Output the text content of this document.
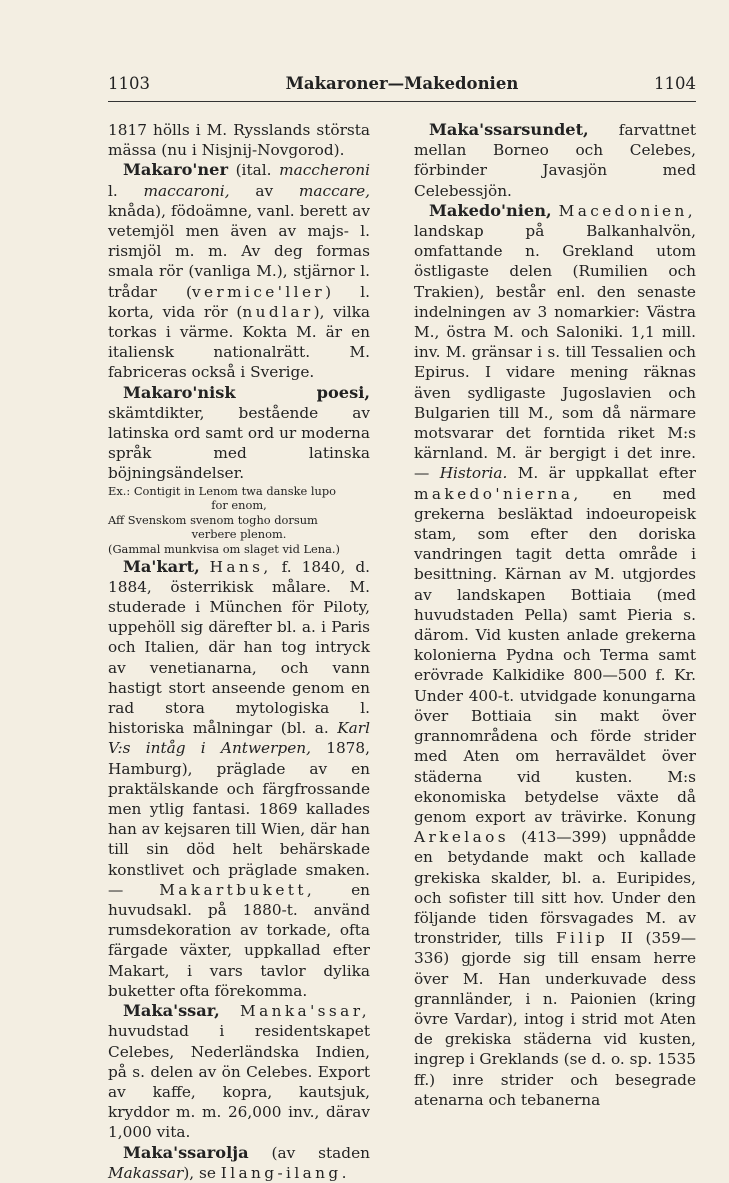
1103	Makaroner—Makedonien	1104

1817 hölls i M. Rysslands största mässa (nu i Nisjnij-Novgorod).

Makaro'ner (ital. maccheroni l. maccaroni, av maccare, knåda), födoämne, vanl. berett av vetemjöl men även av majs- l. rismjöl m. m. Av deg formas smala rör (vanliga M.), stjärnor l. trådar (vermice'ller) l. korta, vida rör (nudlar), vilka torkas i värme. Kokta M. är en italiensk nationalrätt. M. fabriceras också i Sverige.

Makaro'nisk poesi, skämtdikter, bestående av latinska ord samt ord ur moderna språk med latinska böjningsändelser.

Ex.: Contigit in Lenom twa danske lupo

for enom,

Aff Svenskom svenom togho dorsum

verbere plenom.

(Gammal munkvisa om slaget vid Lena.)

Ma'kart, Hans, f. 1840, d. 1884, österrikisk målare. M. studerade i München för Piloty, uppehöll sig därefter bl. a. i Paris och Italien, där han tog intryck av venetianarna, och vann hastigt stort anseende genom en rad stora mytologiska l. historiska målningar (bl. a. Karl V:s intåg i Antwerpen, 1878, Hamburg), präglade av en praktälskande och färgfrossande men ytlig fantasi. 1869 kallades han av kejsaren till Wien, där han till sin död helt behärskade konstlivet och präglade smaken. — Makartbukett, en huvudsakl. på 1880-t. använd rumsdekoration av torkade, ofta färgade växter, uppkallad efter Makart, i vars tavlor dylika buketter ofta förekomma.

Maka'ssar, Manka'ssar, huvudstad i residentskapet Celebes, Nederländska Indien, på s. delen av ön Celebes. Export av kaffe, kopra, kautsjuk, kryddor m. m. 26,000 inv., därav 1,000 vita.

Maka'ssarolja (av staden Makassar), se Ilang-ilang.

Maka'ssarsundet, farvattnet mellan Borneo och Celebes, förbinder Javasjön med Celebessjön.

Makedo'nien, Macedonien, landskap på Balkanhalvön, omfattande n. Grekland utom östligaste delen (Rumilien och Trakien), består enl. den senaste indelningen av 3 nomarkier: Västra M., östra M. och Saloniki. 1,1 mill. inv. M. gränsar i s. till Tessalien och Epirus. I vidare mening räknas även sydligaste Jugoslavien och Bulgarien till M., som då närmare motsvarar det forntida riket M:s kärnland. M. är bergigt i det inre. — Historia. M. är uppkallat efter makedo'nierna, en med grekerna besläktad indoeuropeisk stam, som efter den doriska vandringen tagit detta område i besittning. Kärnan av M. utgjordes av landskapen Bottiaia (med huvudstaden Pella) samt Pieria s. därom. Vid kusten anlade grekerna kolonierna Pydna och Terma samt erövrade Kalkidike 800—500 f. Kr. Under 400-t. utvidgade konungarna över Bottiaia sin makt över grannområdena och förde strider med Aten om herraväldet över städerna vid kusten. M:s ekonomiska betydelse växte då genom export av trävirke. Konung Arkelaos (413—399) uppnådde en betydande makt och kallade grekiska skalder, bl. a. Euripides, och sofister till sitt hov. Under den följande tiden försvagades M. av tronstrider, tills Filip II (359—336) gjorde sig till ensam herre över M. Han underkuvade dess grannländer, i n. Paionien (kring övre Vardar), intog i strid mot Aten de grekiska städerna vid kusten, ingrep i Greklands (se d. o. sp. 1535 ff.) inre strider och besegrade atenarna och tebanerna
